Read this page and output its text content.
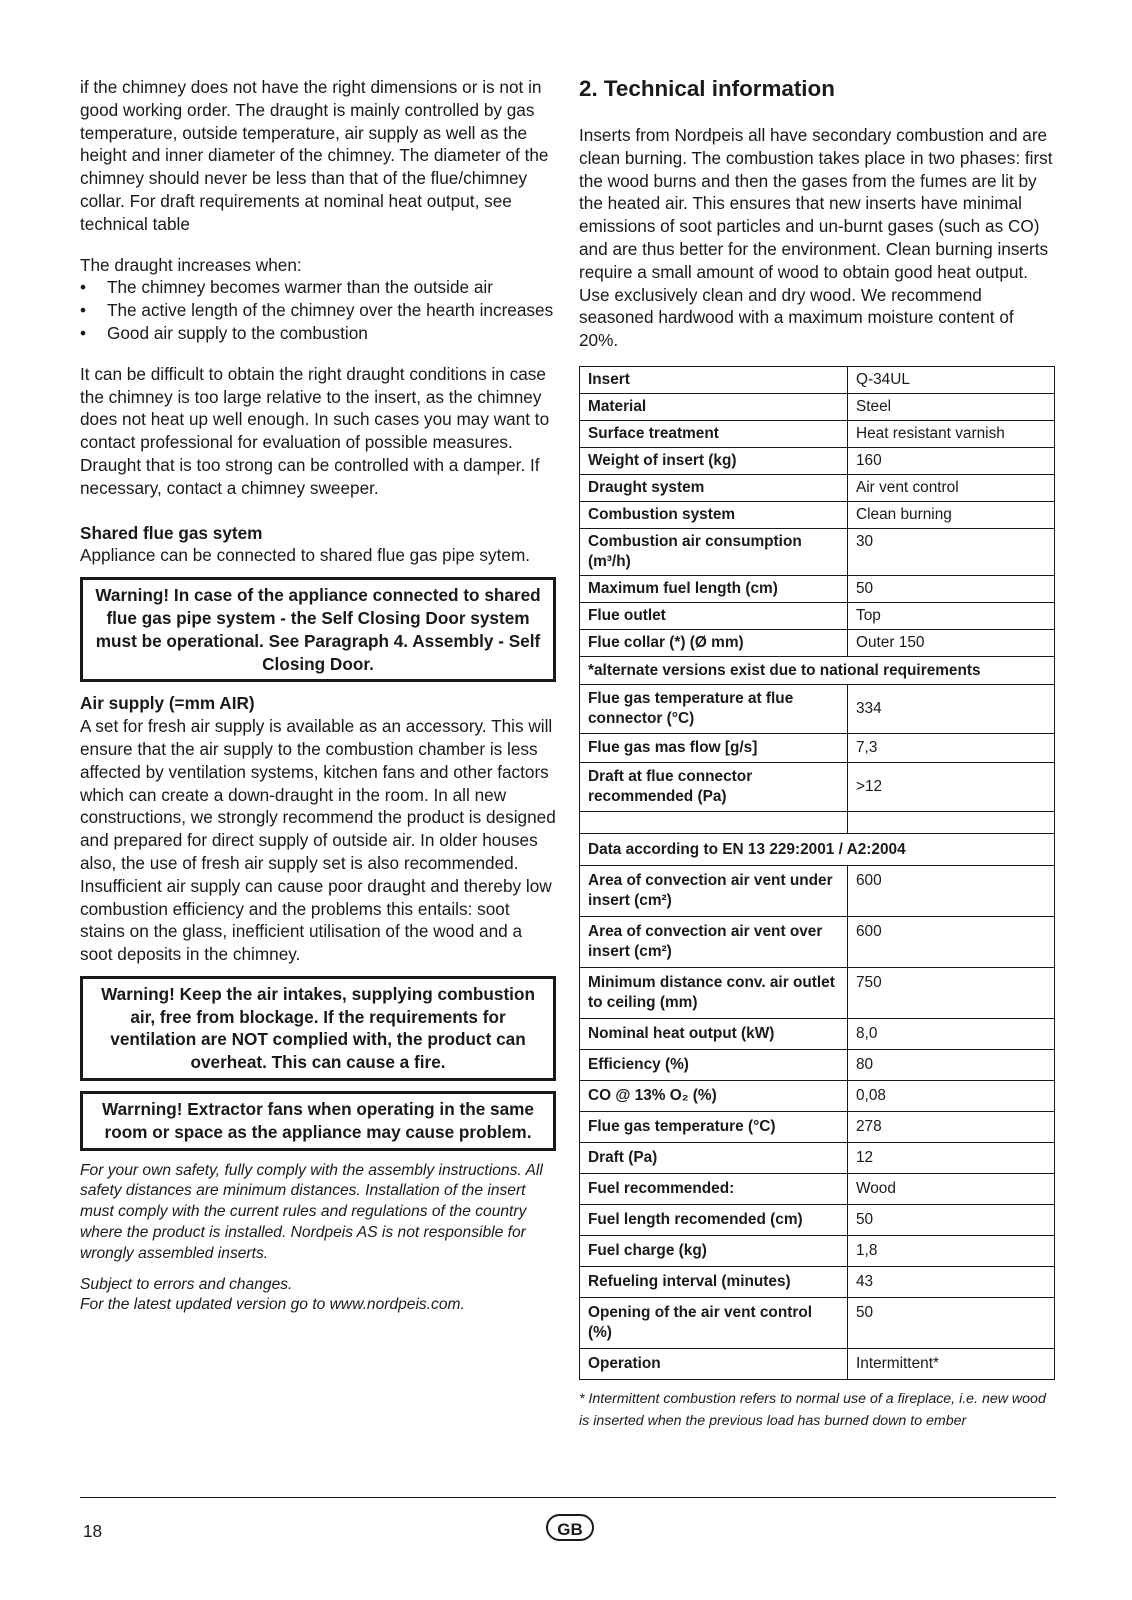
if the chimney does not have the right dimensions or is not in good working order. The draught is mainly controlled by gas temperature, outside temperature, air supply as well as the height and inner diameter of the chimney. The diameter of the chimney should never be less than that of the flue/chimney collar. For draft requirements at nominal heat output, see technical table

The draught increases when:

• The chimney becomes warmer than the outside air
• The active length of the chimney over the hearth increases
• Good air supply to the combustion

It can be difficult to obtain the right draught conditions in case the chimney is too large relative to the insert, as the chimney does not heat up well enough. In such cases you may want to contact professional for evaluation of possible measures. Draught that is too strong can be controlled with a damper. If necessary, contact a chimney sweeper.

Shared flue gas sytem

Appliance can be connected to shared flue gas pipe sytem.

Warning! In case of the appliance connected to shared flue gas pipe system - the Self Closing Door system must be operational. See Paragraph 4. Assembly - Self Closing Door.
Air supply (=mm AIR)

A set for fresh air supply is available as an accessory. This will ensure that the air supply to the combustion chamber is less affected by ventilation systems, kitchen fans and other factors which can create a down-draught in the room. In all new constructions, we strongly recommend the product is designed and prepared for direct supply of outside air. In older houses also, the use of fresh air supply set is also recommended. Insufficient air supply can cause poor draught and thereby low combustion efficiency and the problems this entails: soot stains on the glass, inefficient utilisation of the wood and a soot deposits in the chimney.

Warning! Keep the air intakes, supplying combustion air, free from blockage. If the requirements for ventilation are NOT complied with, the product can overheat. This can cause a fire.
Warrning! Extractor fans when operating in the same room or space as the appliance may cause problem.

For your own safety, fully comply with the assembly instructions. All safety distances are minimum distances. Installation of the insert must comply with the current rules and regulations of the country where the product is installed. Nordpeis AS is not responsible for wrongly assembled inserts.

Subject to errors and changes.

For the latest updated version go to www.nordpeis.com.

2. Technical information

Inserts from Nordpeis all have secondary combustion and are clean burning. The combustion takes place in two phases: first the wood burns and then the gases from the fumes are lit by the heated air. This ensures that new inserts have minimal emissions of soot particles and un-burnt gases (such as CO) and are thus better for the environment. Clean burning inserts require a small amount of wood to obtain good heat output. Use exclusively clean and dry wood. We recommend seasoned hardwood with a maximum moisture content of 20%.

Insert	Q-34UL
Material	Steel
Surface treatment	Heat resistant varnish
Weight of insert (kg)	160
Draught system	Air vent control
Combustion system	Clean burning
Combustion air consumption (m³/h)	30
Maximum fuel length (cm)	50
Flue outlet	Top
Flue collar (*) (Ø mm)	Outer 150
*alternate versions exist due to national requirements	
Flue gas temperature at flue connector (°C)	334
Flue gas mas flow [g/s]	7,3
Draft at flue connector recommended (Pa)	>12

Data according to EN 13 229:2001 / A2:2004	
Area of convection air vent under insert (cm²)	600
Area of convection air vent over insert (cm²)	600
Minimum distance conv. air outlet to ceiling (mm)	750
Nominal heat output (kW)	8,0
Efficiency (%)	80
CO @ 13% O₂ (%)	0,08
Flue gas temperature (°C)	278
Draft (Pa)	12
Fuel recommended:	Wood
Fuel length recomended (cm)	50
Fuel charge (kg)	1,8
Refueling interval (minutes)	43
Opening of the air vent control (%)	50
Operation	Intermittent*

* Intermittent combustion refers to normal use of a fireplace, i.e. new wood is inserted when the previous load has burned down to ember

18	GB
